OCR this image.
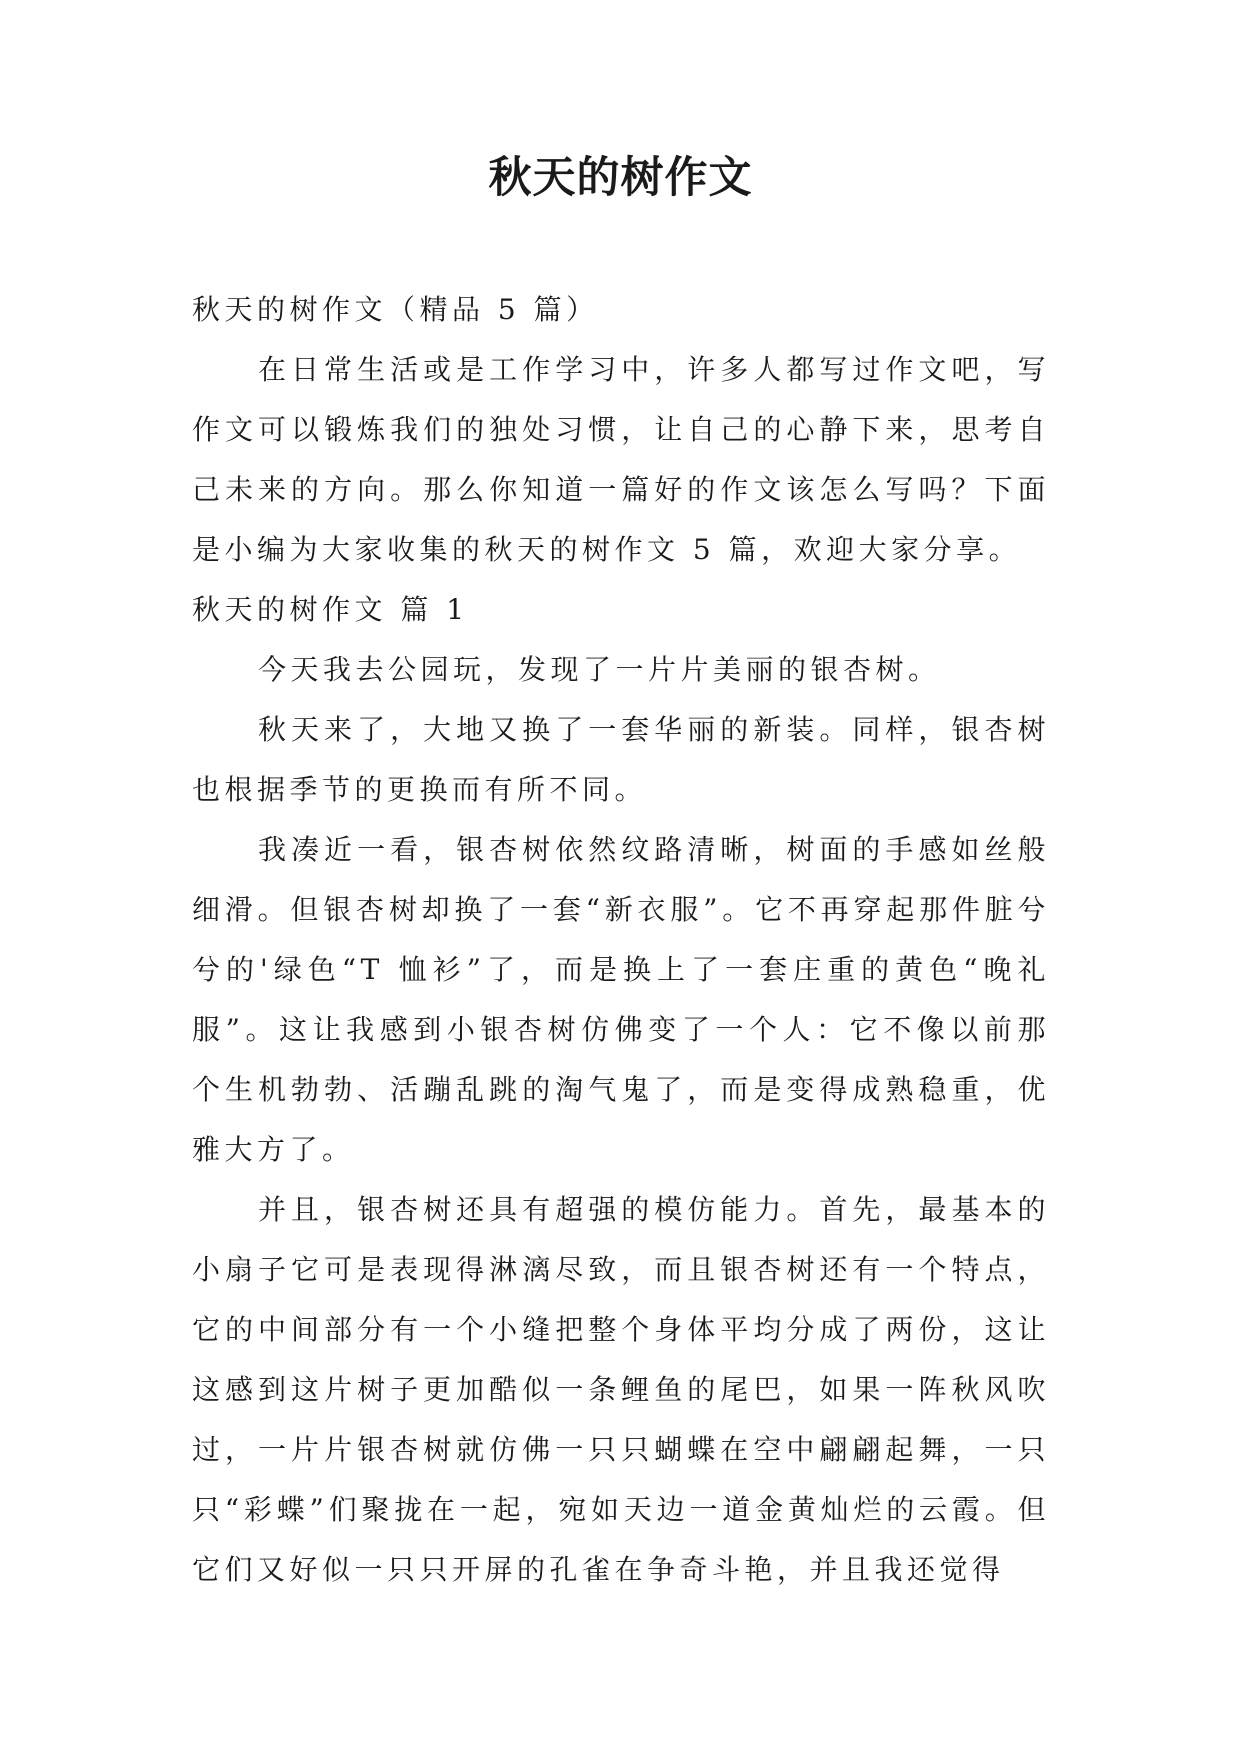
秋天的树作文

秋天的树作文（精品 5 篇）

在日常生活或是工作学习中，许多人都写过作文吧，写作文可以锻炼我们的独处习惯，让自己的心静下来，思考自己未来的方向。那么你知道一篇好的作文该怎么写吗？下面是小编为大家收集的秋天的树作文 5 篇，欢迎大家分享。

秋天的树作文 篇 1

今天我去公园玩，发现了一片片美丽的银杏树。

秋天来了，大地又换了一套华丽的新装。同样，银杏树也根据季节的更换而有所不同。

我凑近一看，银杏树依然纹路清晰，树面的手感如丝般细滑。但银杏树却换了一套“新衣服”。它不再穿起那件脏兮兮的'绿色“T 恤衫”了，而是换上了一套庄重的黄色“晚礼服”。这让我感到小银杏树仿佛变了一个人：它不像以前那个生机勃勃、活蹦乱跳的淘气鬼了，而是变得成熟稳重，优雅大方了。

并且，银杏树还具有超强的模仿能力。首先，最基本的小扇子它可是表现得淋漓尽致，而且银杏树还有一个特点，它的中间部分有一个小缝把整个身体平均分成了两份，这让这感到这片树子更加酷似一条鲤鱼的尾巴，如果一阵秋风吹过，一片片银杏树就仿佛一只只蝴蝶在空中翩翩起舞，一只只“彩蝶”们聚拢在一起，宛如天边一道金黄灿烂的云霞。但它们又好似一只只开屏的孔雀在争奇斗艳，并且我还觉得
